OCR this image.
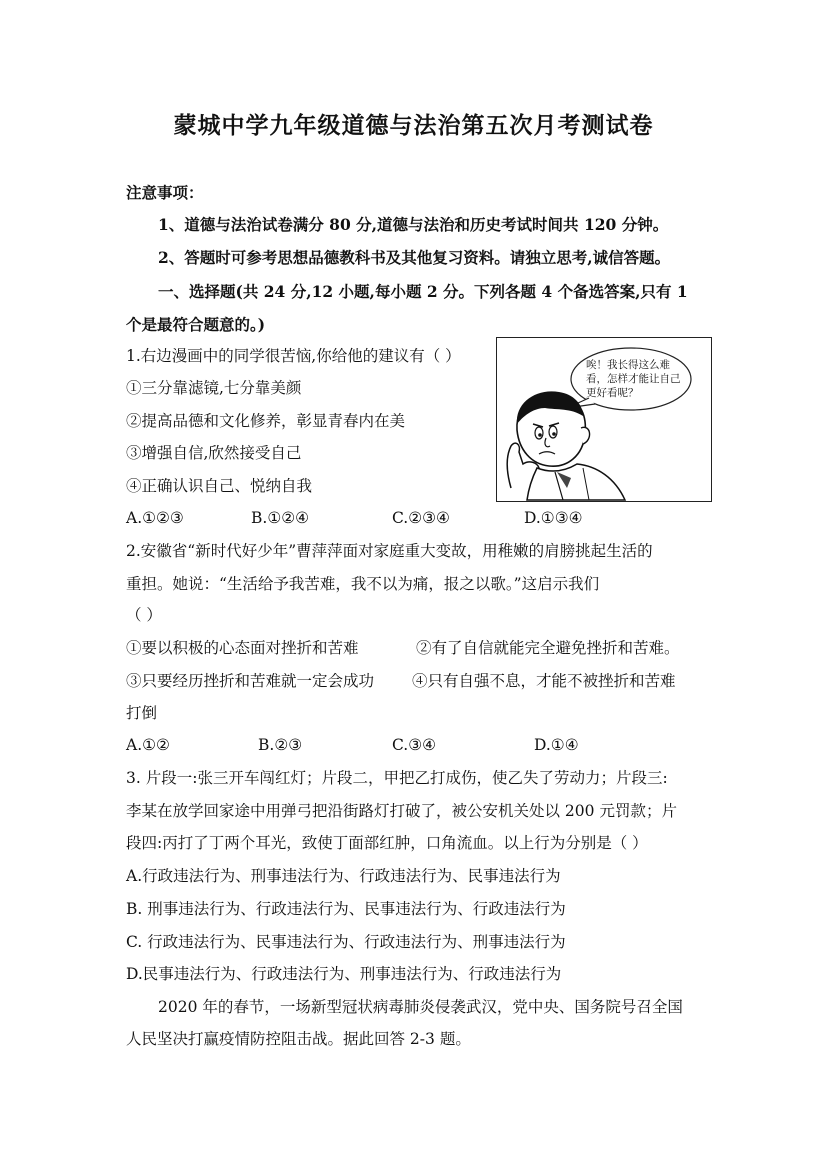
蒙城中学九年级道德与法治第五次月考测试卷
注意事项：
1、道德与法治试卷满分 80 分,道德与法治和历史考试时间共 120 分钟。
2、答题时可参考思想品德教科书及其他复习资料。请独立思考,诚信答题。
一、选择题(共 24 分,12 小题,每小题 2 分。下列各题 4 个备选答案,只有 1
个是最符合题意的。)
1.右边漫画中的同学很苦恼,你给他的建议有（ ）
①三分靠滤镜,七分靠美颜
②提高品德和文化修养，彰显青春内在美
③增强自信,欣然接受自己
④正确认识自己、悦纳自我
唉！我长得这么难看，怎样才能让自己更好看呢？
A.①②③	B.①②④	C.②③④	D.①③④
2.安徽省“新时代好少年”曹萍萍面对家庭重大变故，用稚嫩的肩膀挑起生活的
重担。她说：“生活给予我苦难，我不以为痛，报之以歌。”这启示我们
（ ）
①要以积极的心态面对挫折和苦难	②有了自信就能完全避免挫折和苦难。
③只要经历挫折和苦难就一定会成功 ④只有自强不息，才能不被挫折和苦难
打倒
A.①②	B.②③	C.③④	D.①④
3. 片段一:张三开车闯红灯；片段二，甲把乙打成伤，使乙失了劳动力；片段三:
李某在放学回家途中用弹弓把沿街路灯打破了，被公安机关处以 200 元罚款；片
段四:丙打了丁两个耳光，致使丁面部红肿，口角流血。以上行为分别是（ ）
A.行政违法行为、刑事违法行为、行政违法行为、民事违法行为
B. 刑事违法行为、行政违法行为、民事违法行为、行政违法行为
C. 行政违法行为、民事违法行为、行政违法行为、刑事违法行为
D.民事违法行为、行政违法行为、刑事违法行为、行政违法行为
2020 年的春节，一场新型冠状病毒肺炎侵袭武汉，党中央、国务院号召全国
人民坚决打赢疫情防控阻击战。据此回答 2-3 题。
